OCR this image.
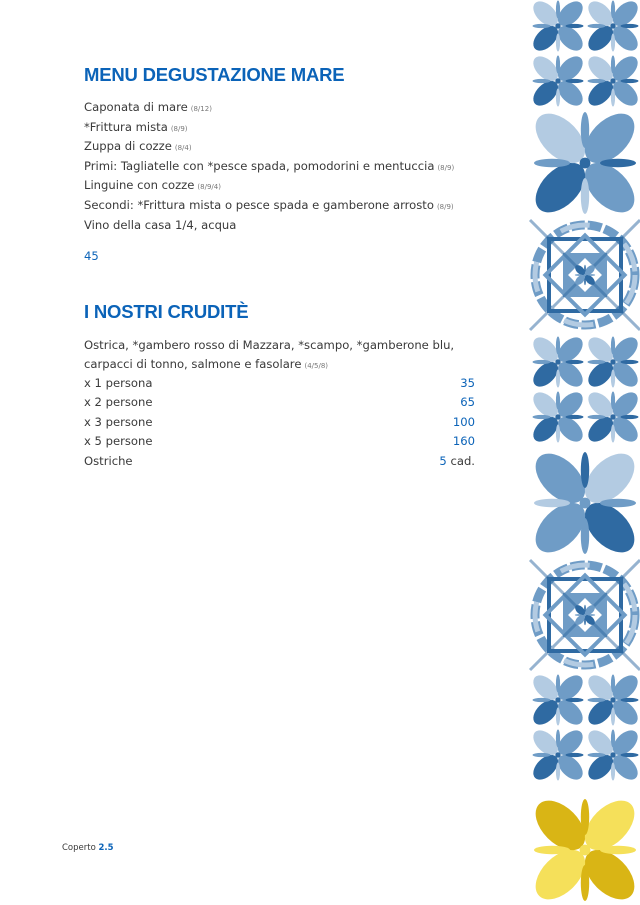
MENU DEGUSTAZIONE MARE
Caponata di mare (8/12)
*Frittura mista (8/9)
Zuppa di cozze (8/4)
Primi: Tagliatelle con *pesce spada, pomodorini e mentuccia (8/9)
Linguine con cozze (8/9/4)
Secondi: *Frittura mista o pesce spada e gamberone arrosto (8/9)
Vino della casa 1/4, acqua
45
I NOSTRI CRUDITÈ
Ostrica, *gambero rosso di Mazzara, *scampo, *gamberone blu,
carpacci di tonno, salmone e fasolare (4/5/8)
x 1 persona	35
x 2 persone	65
x 3 persone	100
x 5 persone	160
Ostriche	5 cad.
Coperto 2.5
